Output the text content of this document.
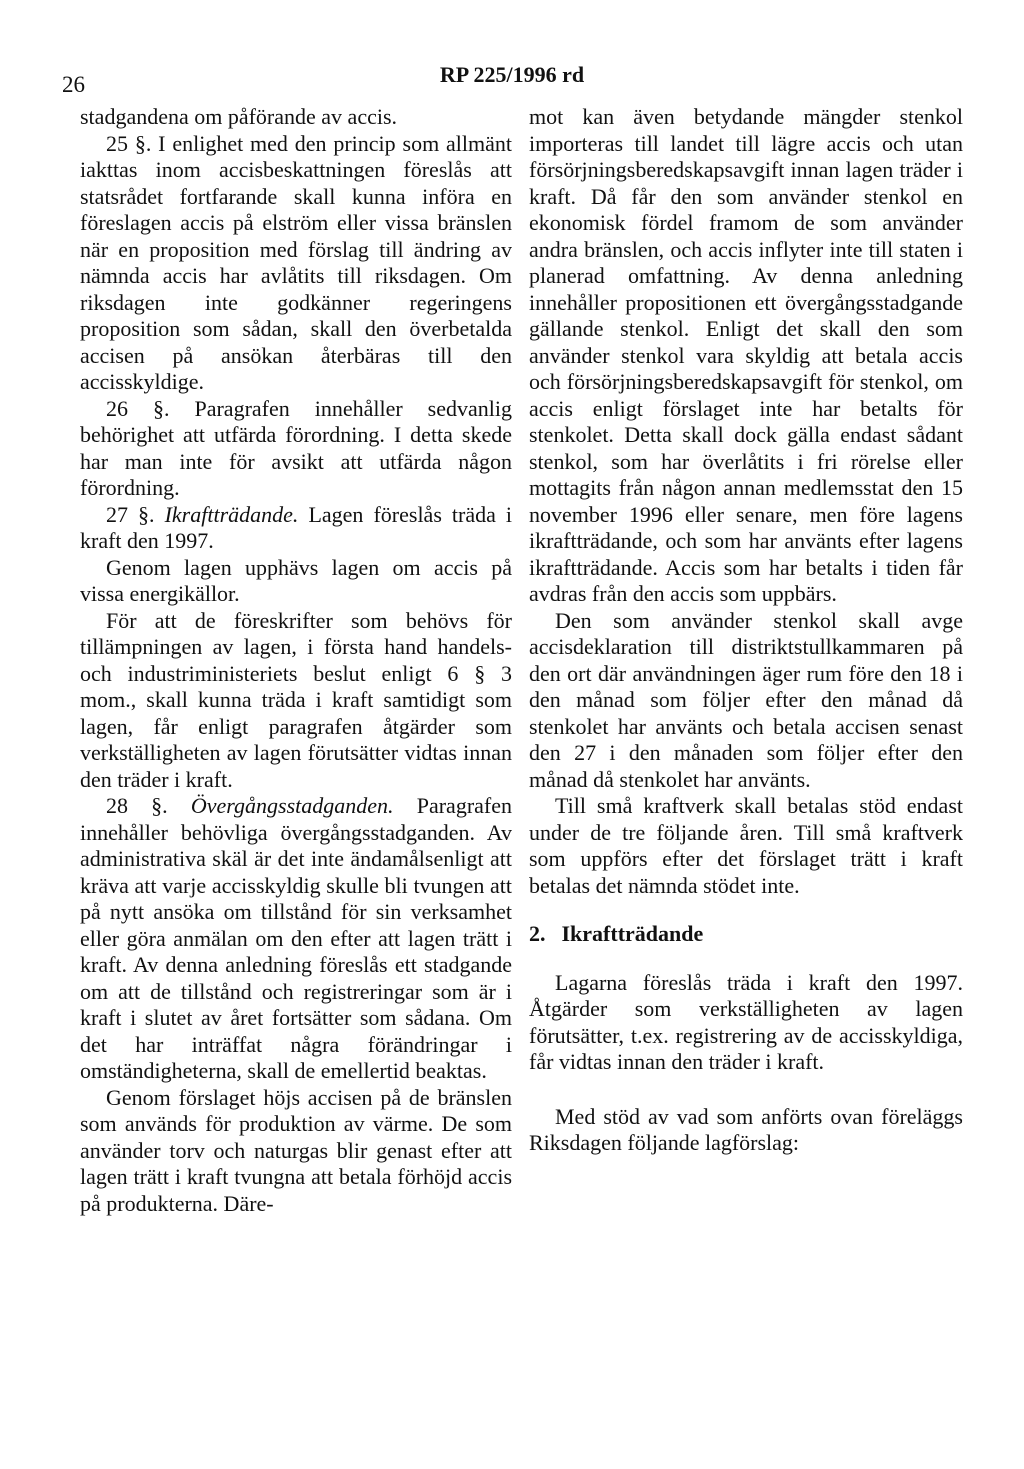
26	RP 225/1996 rd

stadgandena om påförande av accis.

25 §. I enlighet med den princip som allmänt iakttas inom accisbeskattningen föreslås att statsrådet fortfarande skall kunna införa en föreslagen accis på elström eller vissa bränslen när en proposition med förslag till ändring av nämnda accis har avlåtits till riksdagen. Om riksdagen inte godkänner regeringens proposition som sådan, skall den överbetalda accisen på ansökan återbäras till den accisskyldige.

26 §. Paragrafen innehåller sedvanlig behörighet att utfärda förordning. I detta skede har man inte för avsikt att utfärda någon förordning.

27 §. Ikraftträdande. Lagen föreslås träda i kraft den 1997.

Genom lagen upphävs lagen om accis på vissa energikällor.

För att de föreskrifter som behövs för tillämpningen av lagen, i första hand handels- och industriministeriets beslut enligt 6 § 3 mom., skall kunna träda i kraft samtidigt som lagen, får enligt paragrafen åtgärder som verkställigheten av lagen förutsätter vidtas innan den träder i kraft.

28 §. Övergångsstadganden. Paragrafen innehåller behövliga övergångsstadganden. Av administrativa skäl är det inte ändamålsenligt att kräva att varje accisskyldig skulle bli tvungen att på nytt ansöka om tillstånd för sin verksamhet eller göra anmälan om den efter att lagen trätt i kraft. Av denna anledning föreslås ett stadgande om att de tillstånd och registreringar som är i kraft i slutet av året fortsätter som sådana. Om det har inträffat några förändringar i omständigheterna, skall de emellertid beaktas.

Genom förslaget höjs accisen på de bränslen som används för produktion av värme. De som använder torv och naturgas blir genast efter att lagen trätt i kraft tvungna att betala förhöjd accis på produkterna. Däre-

mot kan även betydande mängder stenkol importeras till landet till lägre accis och utan försörjningsberedskapsavgift innan lagen träder i kraft. Då får den som använder stenkol en ekonomisk fördel framom de som använder andra bränslen, och accis inflyter inte till staten i planerad omfattning. Av denna anledning innehåller propositionen ett övergångsstadgande gällande stenkol. Enligt det skall den som använder stenkol vara skyldig att betala accis och försörjningsberedskapsavgift för stenkol, om accis enligt förslaget inte har betalts för stenkolet. Detta skall dock gälla endast sådant stenkol, som har överlåtits i fri rörelse eller mottagits från någon annan medlemsstat den 15 november 1996 eller senare, men före lagens ikraftträdande, och som har använts efter lagens ikraftträdande. Accis som har betalts i tiden får avdras från den accis som uppbärs.

Den som använder stenkol skall avge accisdeklaration till distriktstullkammaren på den ort där användningen äger rum före den 18 i den månad som följer efter den månad då stenkolet har använts och betala accisen senast den 27 i den månaden som följer efter den månad då stenkolet har använts.

Till små kraftverk skall betalas stöd endast under de tre följande åren. Till små kraftverk som uppförs efter det förslaget trätt i kraft betalas det nämnda stödet inte.

2. Ikraftträdande

Lagarna föreslås träda i kraft den 1997. Åtgärder som verkställigheten av lagen förutsätter, t.ex. registrering av de accisskyldiga, får vidtas innan den träder i kraft.

Med stöd av vad som anförts ovan föreläggs Riksdagen följande lagförslag:
